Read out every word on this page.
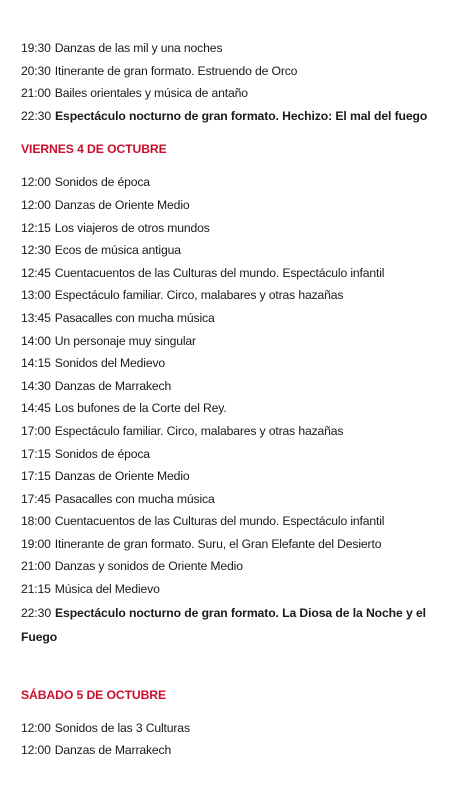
19:30 Danzas de las mil y una noches
20:30 Itinerante de gran formato. Estruendo de Orco
21:00 Bailes orientales y música de antaño
22:30 Espectáculo nocturno de gran formato. Hechizo: El mal del fuego
VIERNES 4 DE OCTUBRE
12:00 Sonidos de época
12:00 Danzas de Oriente Medio
12:15 Los viajeros de otros mundos
12:30 Ecos de música antigua
12:45 Cuentacuentos de las Culturas del mundo. Espectáculo infantil
13:00 Espectáculo familiar. Circo, malabares y otras hazañas
13:45 Pasacalles con mucha música
14:00 Un personaje muy singular
14:15 Sonidos del Medievo
14:30 Danzas de Marrakech
14:45 Los bufones de la Corte del Rey.
17:00 Espectáculo familiar. Circo, malabares y otras hazañas
17:15 Sonidos de época
17:15 Danzas de Oriente Medio
17:45 Pasacalles con mucha música
18:00 Cuentacuentos de las Culturas del mundo. Espectáculo infantil
19:00 Itinerante de gran formato. Suru, el Gran Elefante del Desierto
21:00 Danzas y sonidos de Oriente Medio
21:15 Música del Medievo
22:30 Espectáculo nocturno de gran formato. La Diosa de la Noche y el Fuego
SÁBADO 5 DE OCTUBRE
12:00 Sonidos de las 3 Culturas
12:00 Danzas de Marrakech
